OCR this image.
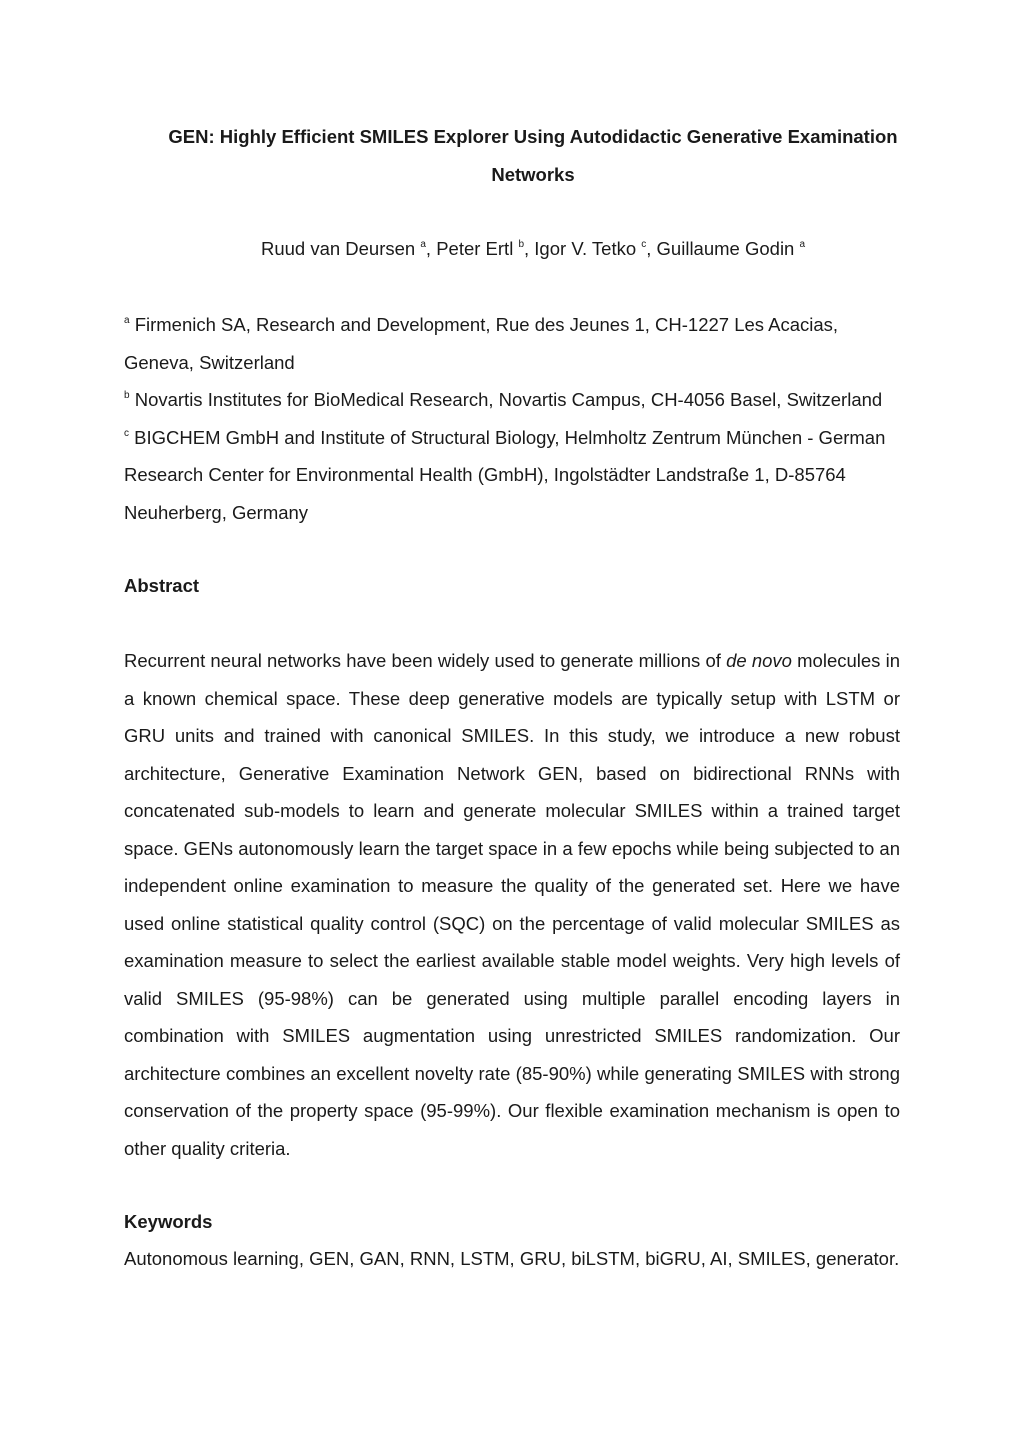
GEN: Highly Efficient SMILES Explorer Using Autodidactic Generative Examination Networks
Ruud van Deursen $^a$, Peter Ertl $^b$, Igor V. Tetko $^c$, Guillaume Godin $^a$
$^a$ Firmenich SA, Research and Development, Rue des Jeunes 1, CH-1227 Les Acacias, Geneva, Switzerland
$^b$ Novartis Institutes for BioMedical Research, Novartis Campus, CH-4056 Basel, Switzerland
$^c$ BIGCHEM GmbH and Institute of Structural Biology, Helmholtz Zentrum München - German Research Center for Environmental Health (GmbH), Ingolstädter Landstraße 1, D-85764 Neuherberg, Germany
Abstract
Recurrent neural networks have been widely used to generate millions of de novo molecules in a known chemical space. These deep generative models are typically setup with LSTM or GRU units and trained with canonical SMILES. In this study, we introduce a new robust architecture, Generative Examination Network GEN, based on bidirectional RNNs with concatenated sub-models to learn and generate molecular SMILES within a trained target space. GENs autonomously learn the target space in a few epochs while being subjected to an independent online examination to measure the quality of the generated set. Here we have used online statistical quality control (SQC) on the percentage of valid molecular SMILES as examination measure to select the earliest available stable model weights. Very high levels of valid SMILES (95-98%) can be generated using multiple parallel encoding layers in combination with SMILES augmentation using unrestricted SMILES randomization. Our architecture combines an excellent novelty rate (85-90%) while generating SMILES with strong conservation of the property space (95-99%). Our flexible examination mechanism is open to other quality criteria.
Keywords
Autonomous learning, GEN, GAN, RNN, LSTM, GRU, biLSTM, biGRU, AI, SMILES, generator.
